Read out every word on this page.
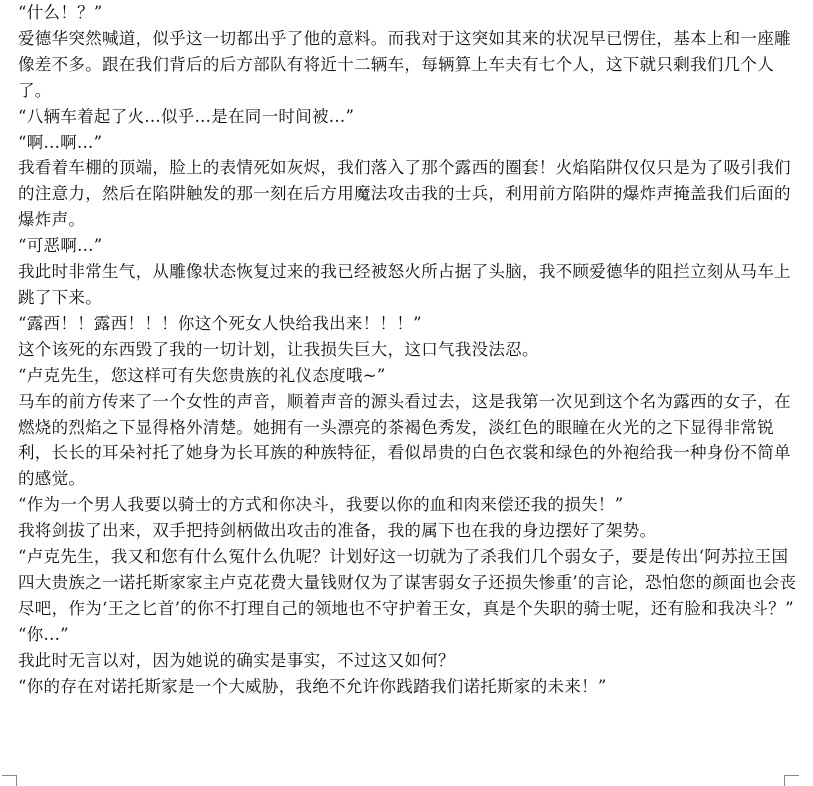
“什么！？”

爱德华突然喊道，似乎这一切都出乎了他的意料。而我对于这突如其来的状况早已愣住，基本上和一座雕像差不多。跟在我们背后的后方部队有将近十二辆车，每辆算上车夫有七个人，这下就只剩我们几个人了。

“八辆车着起了火...似乎...是在同一时间被...”

“啊...啊...”

我看着车棚的顶端，脸上的表情死如灰烬，我们落入了那个露西的圈套！火焰陷阱仅仅只是为了吸引我们的注意力，然后在陷阱触发的那一刻在后方用魔法攻击我的士兵，利用前方陷阱的爆炸声掩盖我们后面的爆炸声。

“可恶啊...”

我此时非常生气，从雕像状态恢复过来的我已经被怒火所占据了头脑，我不顾爱德华的阻拦立刻从马车上跳了下来。

“露西！！露西！！！你这个死女人快给我出来！！！”

这个该死的东西毁了我的一切计划，让我损失巨大，这口气我没法忍。

“卢克先生，您这样可有失您贵族的礼仪态度哦~”

马车的前方传来了一个女性的声音，顺着声音的源头看过去，这是我第一次见到这个名为露西的女子，在燃烧的烈焰之下显得格外清楚。她拥有一头漂亮的茶褐色秀发，淡红色的眼瞳在火光的之下显得非常锐利，长长的耳朵衬托了她身为长耳族的种族特征，看似昂贵的白色衣裳和绿色的外袍给我一种身份不简单的感觉。

“作为一个男人我要以骑士的方式和你决斗，我要以你的血和肉来偿还我的损失！”

我将剑拔了出来，双手把持剑柄做出攻击的准备，我的属下也在我的身边摆好了架势。

“卢克先生，我又和您有什么冤什么仇呢？计划好这一切就为了杀我们几个弱女子，要是传出‘阿苏拉王国四大贵族之一诺托斯家家主卢克花费大量钱财仅为了谋害弱女子还损失惨重’的言论，恐怕您的颜面也会丧尽吧，作为‘王之匕首’的你不打理自己的领地也不守护着王女，真是个失职的骑士呢，还有脸和我决斗？”

“你...”

我此时无言以对，因为她说的确实是事实，不过这又如何？

“你的存在对诺托斯家是一个大威胁，我绝不允许你践踏我们诺托斯家的未来！”
